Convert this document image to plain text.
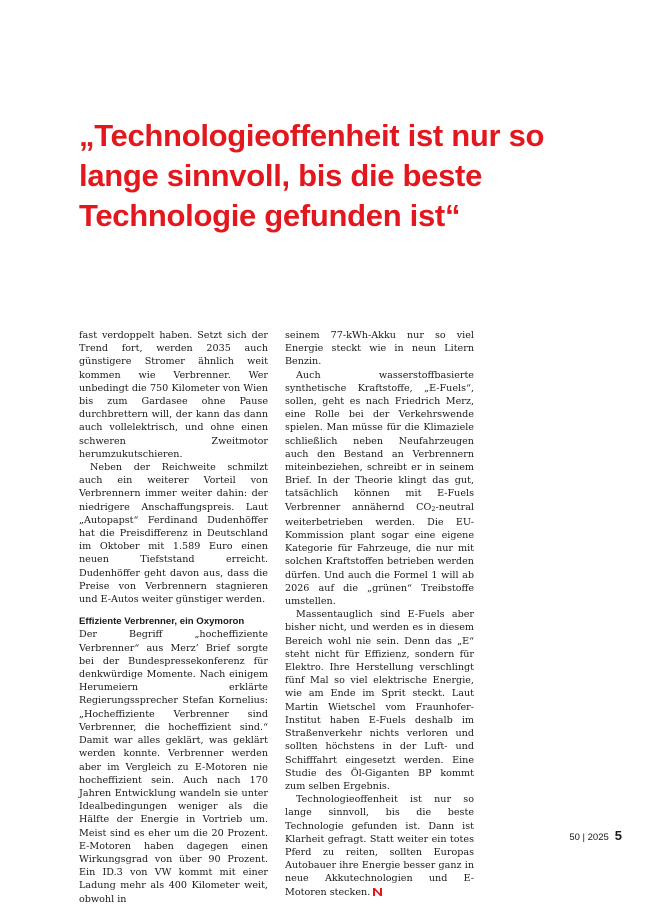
„Technologieoffenheit ist nur so
lange sinnvoll, bis die beste
Technologie gefunden ist“

fast verdoppelt haben. Setzt sich der Trend fort, werden 2035 auch günstigere Stromer ähnlich weit kommen wie Verbrenner. Wer unbedingt die 750 Kilometer von Wien bis zum Gardasee ohne Pause durchbrettern will, der kann das dann auch vollelektrisch, und ohne einen schweren Zweitmotor herumzukutschieren.

Neben der Reichweite schmilzt auch ein weiterer Vorteil von Verbrennern immer weiter dahin: der niedrigere Anschaffungspreis. Laut „Autopapst“ Ferdinand Dudenhöffer hat die Preisdifferenz in Deutschland im Oktober mit 1.589 Euro einen neuen Tiefststand erreicht. Dudenhöffer geht davon aus, dass die Preise von Verbrennern stagnieren und E-Autos weiter günstiger werden.

Effiziente Verbrenner, ein Oxymoron

Der Begriff „hocheffiziente Verbrenner“ aus Merz’ Brief sorgte bei der Bundespressekonferenz für denkwürdige Momente. Nach einigem Herumeiern erklärte Regierungssprecher Stefan Kornelius: „Hocheffiziente Verbrenner sind Verbrenner, die hocheffizient sind.“ Damit war alles geklärt, was geklärt werden konnte. Verbrenner werden aber im Vergleich zu E-Motoren nie hocheffizient sein. Auch nach 170 Jahren Entwicklung wandeln sie unter Idealbedingungen weniger als die Hälfte der Energie in Vortrieb um. Meist sind es eher um die 20 Prozent. E-Motoren haben dagegen einen Wirkungsgrad von über 90 Prozent. Ein ID.3 von VW kommt mit einer Ladung mehr als 400 Kilometer weit, obwohl in

seinem 77-kWh-Akku nur so viel Energie steckt wie in neun Litern Benzin.

Auch wasserstoffbasierte synthetische Kraftstoffe, „E-Fuels“, sollen, geht es nach Friedrich Merz, eine Rolle bei der Verkehrswende spielen. Man müsse für die Klimaziele schließlich neben Neufahrzeugen auch den Bestand an Verbrennern miteinbeziehen, schreibt er in seinem Brief. In der Theorie klingt das gut, tatsächlich können mit E-Fuels Verbrenner annähernd $CO_2$-neutral weiterbetrieben werden. Die EU-Kommission plant sogar eine eigene Kategorie für Fahrzeuge, die nur mit solchen Kraftstoffen betrieben werden dürfen. Und auch die Formel 1 will ab 2026 auf die „grünen“ Treibstoffe umstellen.

Massentauglich sind E-Fuels aber bisher nicht, und werden es in diesem Bereich wohl nie sein. Denn das „E“ steht nicht für Effizienz, sondern für Elektro. Ihre Herstellung verschlingt fünf Mal so viel elektrische Energie, wie am Ende im Sprit steckt. Laut Martin Wietschel vom Fraunhofer-Institut haben E-Fuels deshalb im Straßenverkehr nichts verloren und sollten höchstens in der Luft- und Schifffahrt eingesetzt werden. Eine Studie des Öl-Giganten BP kommt zum selben Ergebnis.

Technologieoffenheit ist nur so lange sinnvoll, bis die beste Technologie gefunden ist. Dann ist Klarheit gefragt. Statt weiter ein totes Pferd zu reiten, sollten Europas Autobauer ihre Energie besser ganz in neue Akkutechnologien und E-Motoren stecken.

50 | 2025 5
